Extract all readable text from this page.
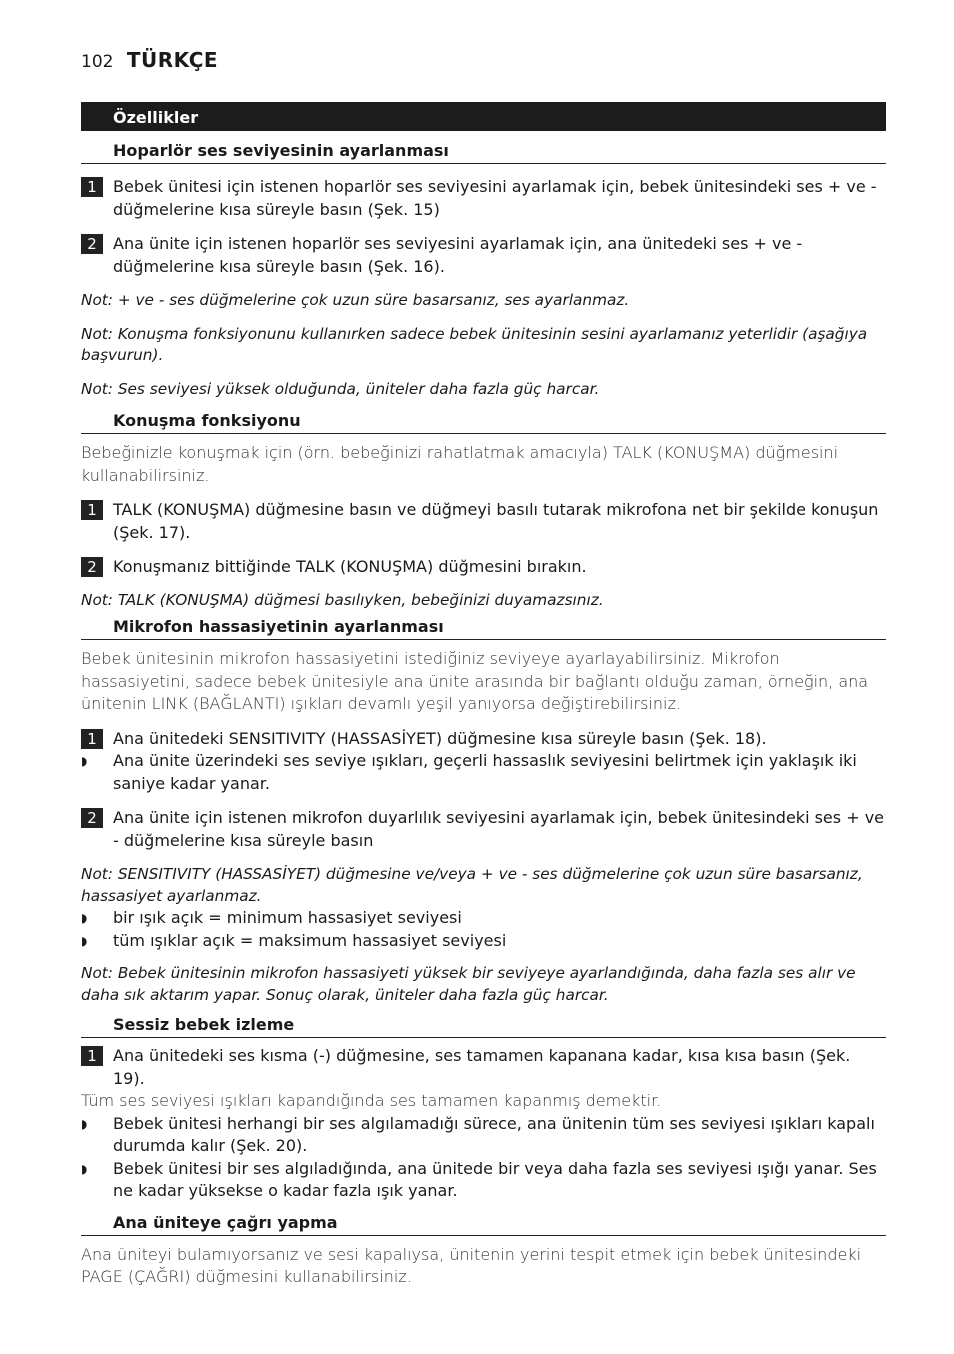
102 TÜRKÇE
Özellikler
Hoparlör ses seviyesinin ayarlanması
1	Bebek ünitesi için istenen hoparlör ses seviyesini ayarlamak için, bebek ünitesindeki ses + ve - düğmelerine kısa süreyle basın (Şek. 15)
2	Ana ünite için istenen hoparlör ses seviyesini ayarlamak için, ana ünitedeki ses + ve - düğmelerine kısa süreyle basın (Şek. 16).
Not: + ve - ses düğmelerine çok uzun süre basarsanız, ses ayarlanmaz.
Not: Konuşma fonksiyonunu kullanırken sadece bebek ünitesinin sesini ayarlamanız yeterlidir (aşağıya başvurun).
Not: Ses seviyesi yüksek olduğunda, üniteler daha fazla güç harcar.
Konuşma fonksiyonu
Bebeğinizle konuşmak için (örn. bebeğinizi rahatlatmak amacıyla) TALK (KONUŞMA) düğmesini kullanabilirsiniz.
1	TALK (KONUŞMA) düğmesine basın ve düğmeyi basılı tutarak mikrofona net bir şekilde konuşun (Şek. 17).
2	Konuşmanız bittiğinde TALK (KONUŞMA) düğmesini bırakın.
Not: TALK (KONUŞMA) düğmesi basılıyken, bebeğinizi duyamazsınız.
Mikrofon hassasiyetinin ayarlanması
Bebek ünitesinin mikrofon hassasiyetini istediğiniz seviyeye ayarlayabilirsiniz. Mikrofon hassasiyetini, sadece bebek ünitesiyle ana ünite arasında bir bağlantı olduğu zaman, örneğin, ana ünitenin LINK (BAĞLANTI) ışıkları devamlı yeşil yanıyorsa değiştirebilirsiniz.
1	Ana ünitedeki SENSITIVITY (HASSASİYET) düğmesine kısa süreyle basın (Şek. 18).
◗ Ana ünite üzerindeki ses seviye ışıkları, geçerli hassaslık seviyesini belirtmek için yaklaşık iki saniye kadar yanar.
2	Ana ünite için istenen mikrofon duyarlılık seviyesini ayarlamak için, bebek ünitesindeki ses + ve - düğmelerine kısa süreyle basın
Not: SENSITIVITY (HASSASİYET) düğmesine ve/veya + ve - ses düğmelerine çok uzun süre basarsanız, hassasiyet ayarlanmaz.
◗ bir ışık açık = minimum hassasiyet seviyesi
◗ tüm ışıklar açık = maksimum hassasiyet seviyesi
Not: Bebek ünitesinin mikrofon hassasiyeti yüksek bir seviyeye ayarlandığında, daha fazla ses alır ve daha sık aktarım yapar. Sonuç olarak, üniteler daha fazla güç harcar.
Sessiz bebek izleme
1	Ana ünitedeki ses kısma (-) düğmesine, ses tamamen kapanana kadar, kısa kısa basın (Şek. 19).
Tüm ses seviyesi ışıkları kapandığında ses tamamen kapanmış demektir.
◗ Bebek ünitesi herhangi bir ses algılamadığı sürece, ana ünitenin tüm ses seviyesi ışıkları kapalı durumda kalır (Şek. 20).
◗ Bebek ünitesi bir ses algıladığında, ana ünitede bir veya daha fazla ses seviyesi ışığı yanar. Ses ne kadar yüksekse o kadar fazla ışık yanar.
Ana üniteye çağrı yapma
Ana üniteyi bulamıyorsanız ve sesi kapalıysa, ünitenin yerini tespit etmek için bebek ünitesindeki PAGE (ÇAĞRI) düğmesini kullanabilirsiniz.
